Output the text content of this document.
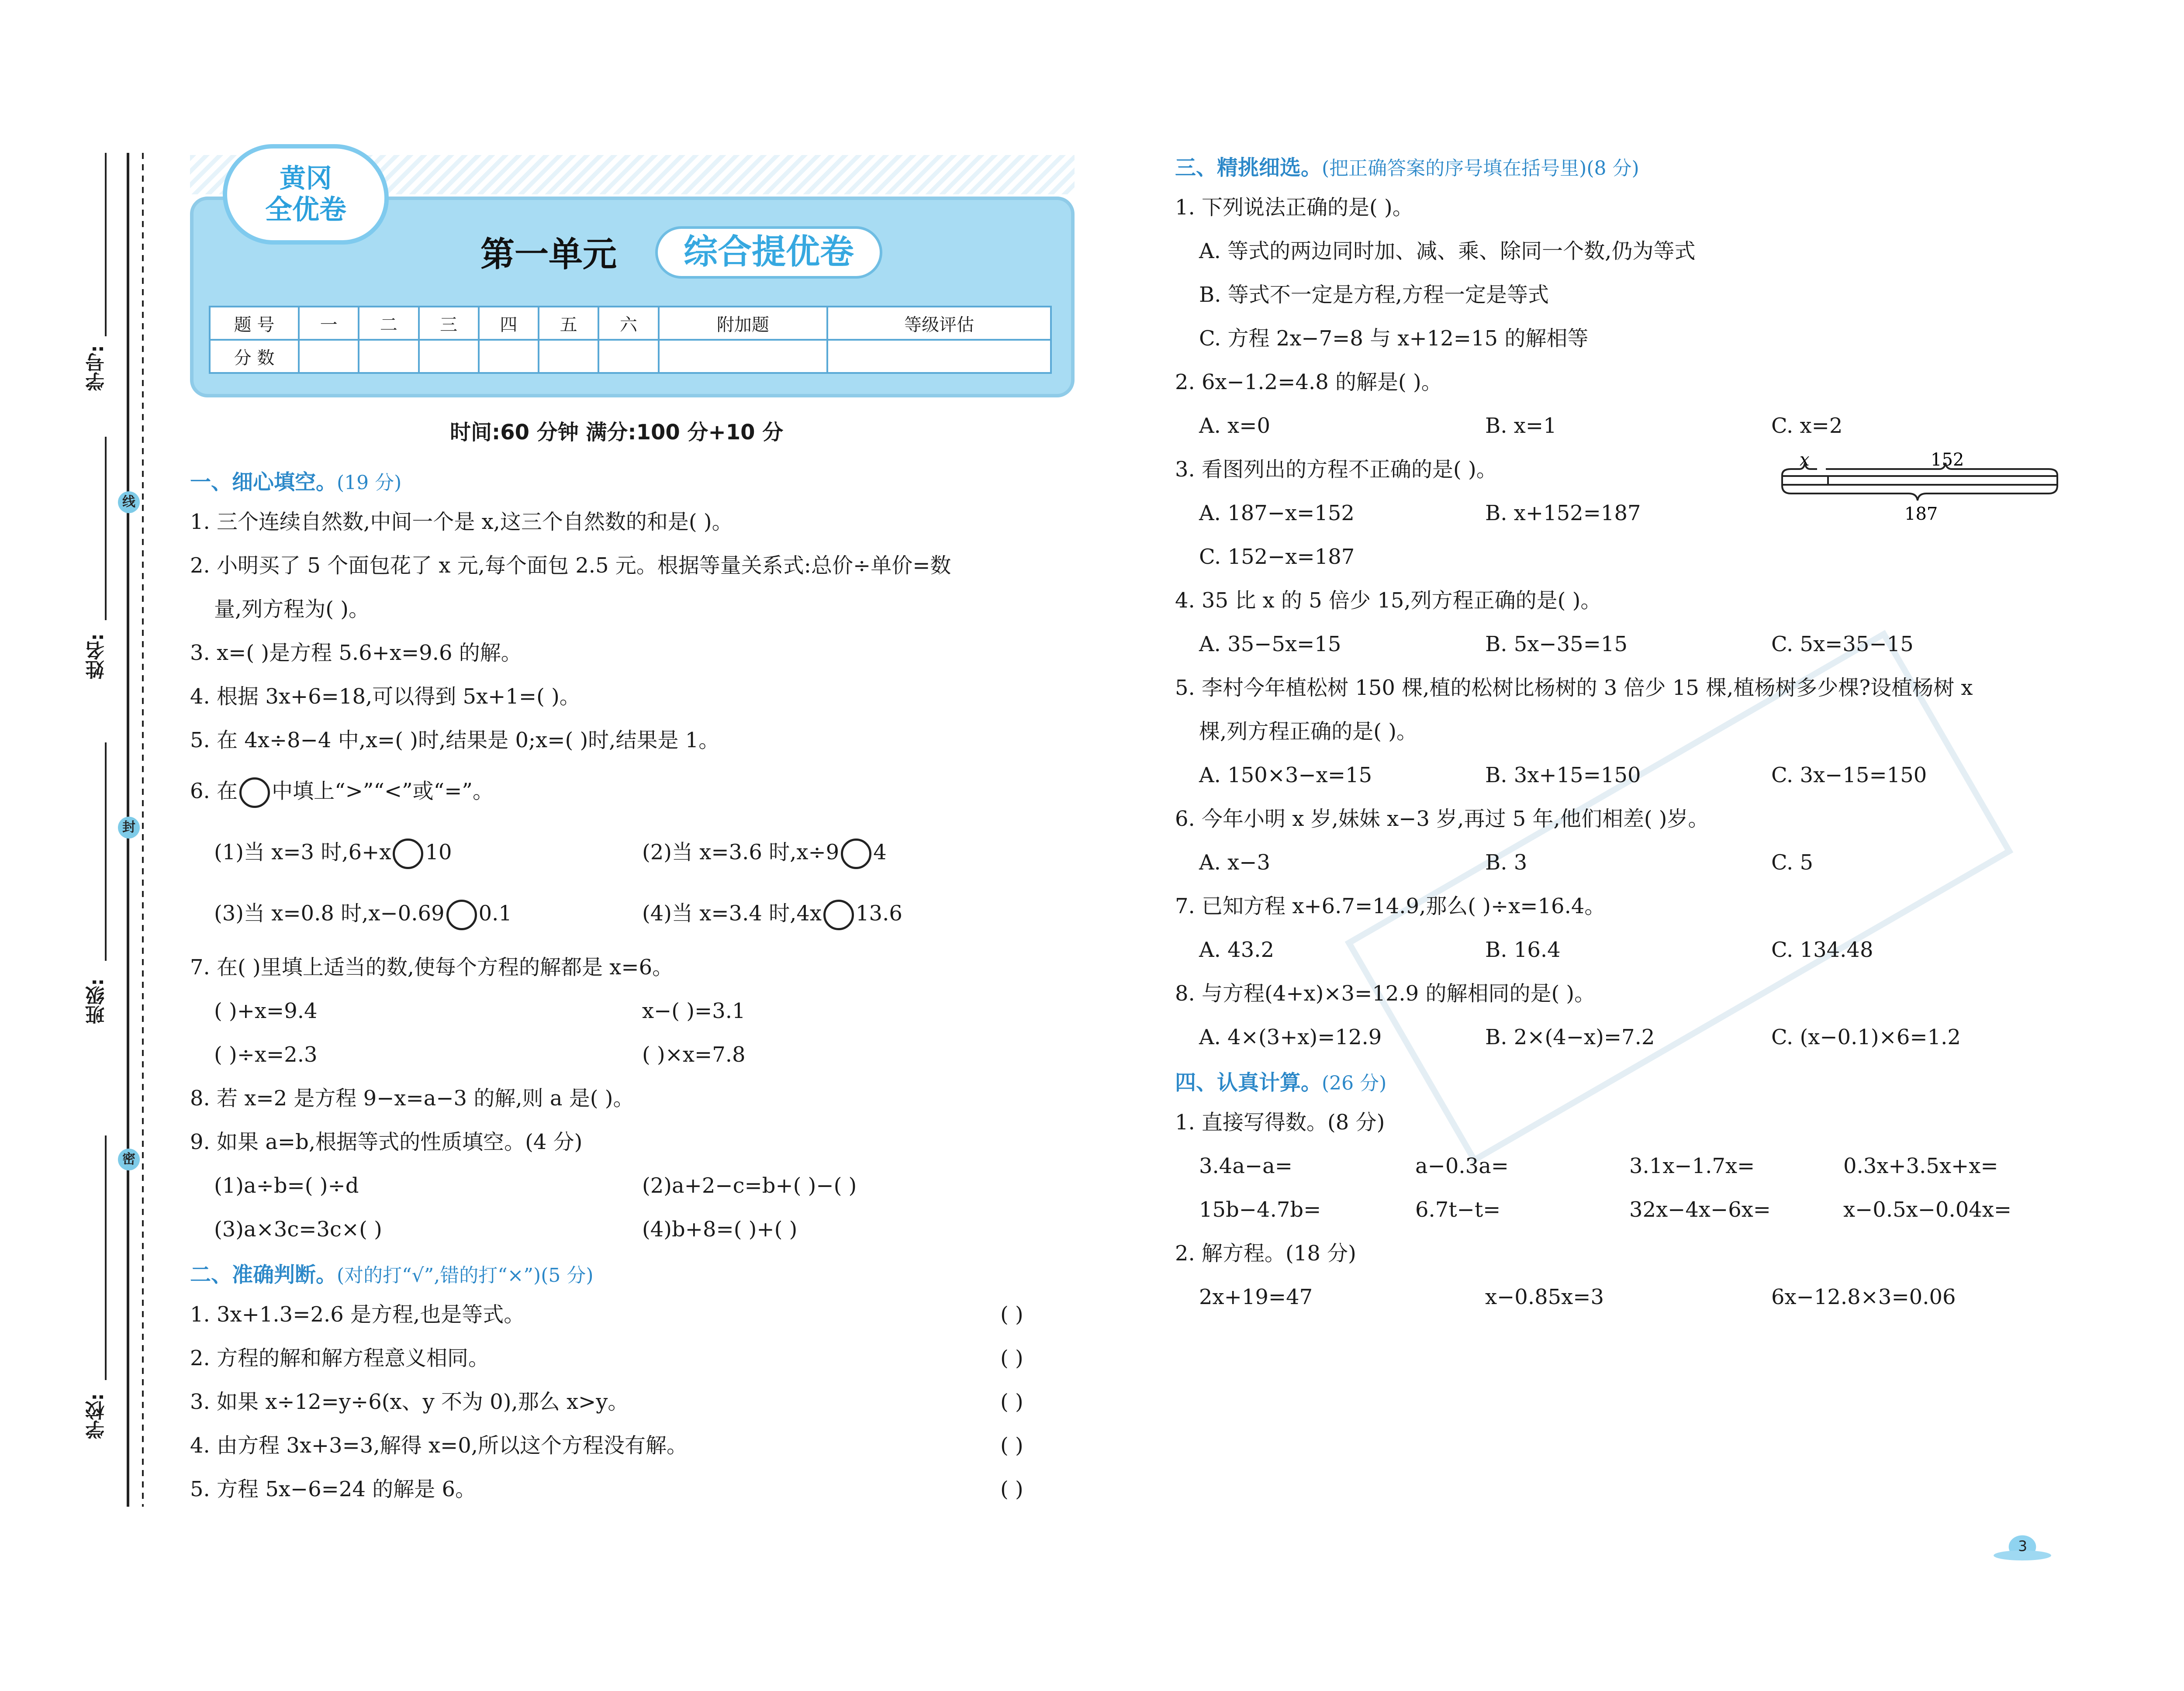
学号:
姓名:
班级:
学校:
线
封
密
黄冈
全优卷
第一单元	综合提优卷
题 号	一	二	三	四	五	六	附加题	等级评估
分 数								
时间:60 分钟 满分:100 分+10 分
一、细心填空。(19 分)
1. 三个连续自然数,中间一个是 x,这三个自然数的和是( )。
2. 小明买了 5 个面包花了 x 元,每个面包 2.5 元。根据等量关系式:总价÷单价=数
量,列方程为( )。
3. x=( )是方程 5.6+x=9.6 的解。
4. 根据 3x+6=18,可以得到 5x+1=( )。
5. 在 4x÷8−4 中,x=( )时,结果是 0;x=( )时,结果是 1。
6. 在 中填上“>”“<”或“=”。
(1)当 x=3 时,6+x 10	(2)当 x=3.6 时,x÷9 4
(3)当 x=0.8 时,x−0.69 0.1	(4)当 x=3.4 时,4x 13.6
7. 在( )里填上适当的数,使每个方程的解都是 x=6。
( )+x=9.4	x−( )=3.1
( )÷x=2.3	( )×x=7.8
8. 若 x=2 是方程 9−x=a−3 的解,则 a 是( )。
9. 如果 a=b,根据等式的性质填空。(4 分)
(1)a÷b=( )÷d	(2)a+2−c=b+( )−( )
(3)a×3c=3c×( )	(4)b+8=( )+( )
二、准确判断。(对的打“√”,错的打“×”)(5 分)
1. 3x+1.3=2.6 是方程,也是等式。	( )
2. 方程的解和解方程意义相同。	( )
3. 如果 x÷12=y÷6(x、y 不为 0),那么 x>y。	( )
4. 由方程 3x+3=3,解得 x=0,所以这个方程没有解。	( )
5. 方程 5x−6=24 的解是 6。	( )
三、精挑细选。(把正确答案的序号填在括号里)(8 分)
1. 下列说法正确的是( )。
A. 等式的两边同时加、减、乘、除同一个数,仍为等式
B. 等式不一定是方程,方程一定是等式
C. 方程 2x−7=8 与 x+12=15 的解相等
2. 6x−1.2=4.8 的解是( )。
A. x=0	B. x=1	C. x=2
3. 看图列出的方程不正确的是( )。
A. 187−x=152	B. x+152=187
C. 152−x=187
x	152
187
4. 35 比 x 的 5 倍少 15,列方程正确的是( )。
A. 35−5x=15	B. 5x−35=15	C. 5x=35−15
5. 李村今年植松树 150 棵,植的松树比杨树的 3 倍少 15 棵,植杨树多少棵?设植杨树 x
棵,列方程正确的是( )。
A. 150×3−x=15	B. 3x+15=150	C. 3x−15=150
6. 今年小明 x 岁,妹妹 x−3 岁,再过 5 年,他们相差( )岁。
A. x−3	B. 3	C. 5
7. 已知方程 x+6.7=14.9,那么( )÷x=16.4。
A. 43.2	B. 16.4	C. 134.48
8. 与方程(4+x)×3=12.9 的解相同的是( )。
A. 4×(3+x)=12.9	B. 2×(4−x)=7.2	C. (x−0.1)×6=1.2
四、认真计算。(26 分)
1. 直接写得数。(8 分)
3.4a−a=	a−0.3a=	3.1x−1.7x=	0.3x+3.5x+x=
15b−4.7b=	6.7t−t=	32x−4x−6x=	x−0.5x−0.04x=
2. 解方程。(18 分)
2x+19=47	x−0.85x=3	6x−12.8×3=0.06
3
